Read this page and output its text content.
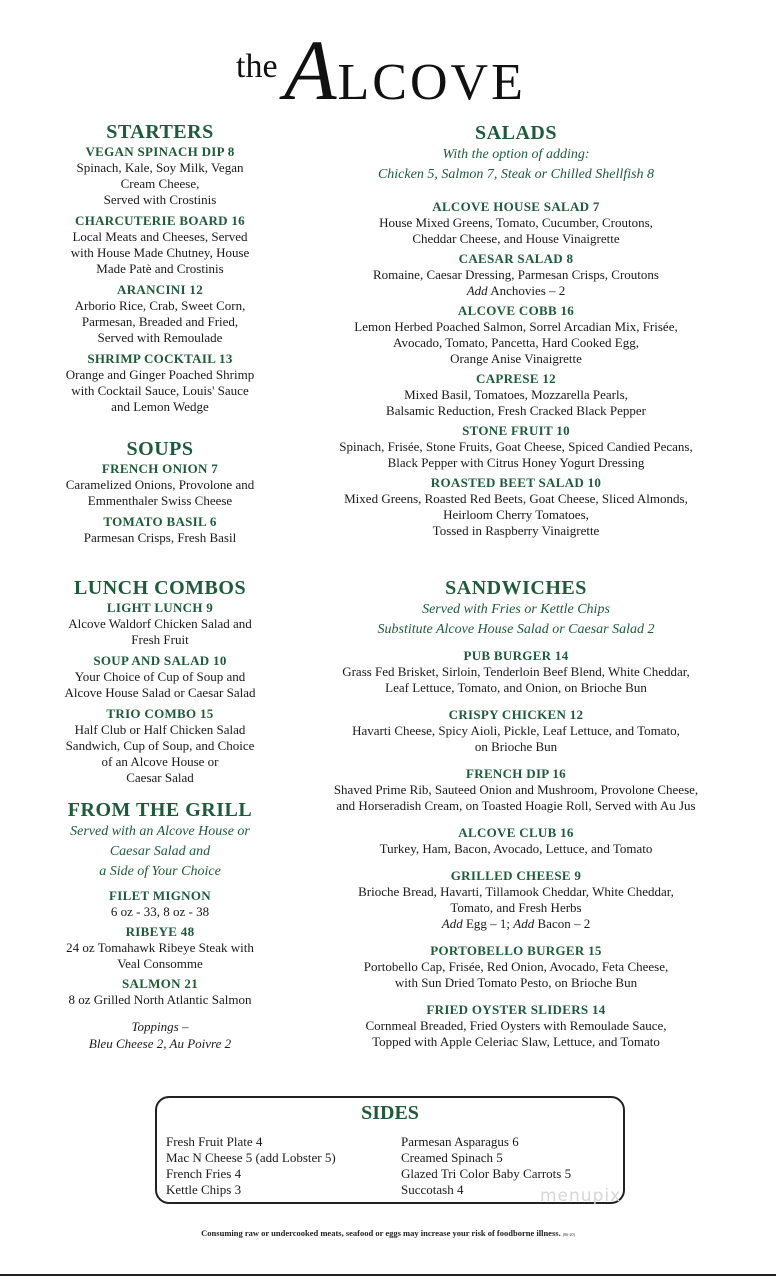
the ALCOVE
STARTERS

VEGAN SPINACH DIP 8

Spinach, Kale, Soy Milk, Vegan

Cream Cheese,

Served with Crostinis

CHARCUTERIE BOARD 16

Local Meats and Cheeses, Served

with House Made Chutney, House

Made Patè and Crostinis

ARANCINI 12

Arborio Rice, Crab, Sweet Corn,

Parmesan, Breaded and Fried,

Served with Remoulade

SHRIMP COCKTAIL 13

Orange and Ginger Poached Shrimp

with Cocktail Sauce, Louis' Sauce

and Lemon Wedge

SOUPS

FRENCH ONION 7

Caramelized Onions, Provolone and

Emmenthaler Swiss Cheese

TOMATO BASIL 6

Parmesan Crisps, Fresh Basil

LUNCH COMBOS

LIGHT LUNCH 9

Alcove Waldorf Chicken Salad and

Fresh Fruit

SOUP AND SALAD 10

Your Choice of Cup of Soup and

Alcove House Salad or Caesar Salad

TRIO COMBO 15

Half Club or Half Chicken Salad

Sandwich, Cup of Soup, and Choice

of an Alcove House or

Caesar Salad

FROM THE GRILL

Served with an Alcove House or

Caesar Salad and

a Side of Your Choice

FILET MIGNON

6 oz - 33, 8 oz - 38

RIBEYE 48

24 oz Tomahawk Ribeye Steak with

Veal Consomme

SALMON 21

8 oz Grilled North Atlantic Salmon

Toppings –

Bleu Cheese 2, Au Poivre 2

SALADS

With the option of adding:

Chicken 5, Salmon 7, Steak or Chilled Shellfish 8

ALCOVE HOUSE SALAD 7

House Mixed Greens, Tomato, Cucumber, Croutons,

Cheddar Cheese, and House Vinaigrette

CAESAR SALAD 8

Romaine, Caesar Dressing, Parmesan Crisps, Croutons

Add Anchovies – 2

ALCOVE COBB 16

Lemon Herbed Poached Salmon, Sorrel Arcadian Mix, Frisée,

Avocado, Tomato, Pancetta, Hard Cooked Egg,

Orange Anise Vinaigrette

CAPRESE 12

Mixed Basil, Tomatoes, Mozzarella Pearls,

Balsamic Reduction, Fresh Cracked Black Pepper

STONE FRUIT 10

Spinach, Frisée, Stone Fruits, Goat Cheese, Spiced Candied Pecans,

Black Pepper with Citrus Honey Yogurt Dressing

ROASTED BEET SALAD 10

Mixed Greens, Roasted Red Beets, Goat Cheese, Sliced Almonds,

Heirloom Cherry Tomatoes,

Tossed in Raspberry Vinaigrette

SANDWICHES

Served with Fries or Kettle Chips

Substitute Alcove House Salad or Caesar Salad 2

PUB BURGER 14

Grass Fed Brisket, Sirloin, Tenderloin Beef Blend, White Cheddar,

Leaf Lettuce, Tomato, and Onion, on Brioche Bun

CRISPY CHICKEN 12

Havarti Cheese, Spicy Aioli, Pickle, Leaf Lettuce, and Tomato,

on Brioche Bun

FRENCH DIP 16

Shaved Prime Rib, Sauteed Onion and Mushroom, Provolone Cheese,

and Horseradish Cream, on Toasted Hoagie Roll, Served with Au Jus

ALCOVE CLUB 16

Turkey, Ham, Bacon, Avocado, Lettuce, and Tomato

GRILLED CHEESE 9

Brioche Bread, Havarti, Tillamook Cheddar, White Cheddar,

Tomato, and Fresh Herbs

Add Egg – 1; Add Bacon – 2

PORTOBELLO BURGER 15

Portobello Cap, Frisée, Red Onion, Avocado, Feta Cheese,

with Sun Dried Tomato Pesto, on Brioche Bun

FRIED OYSTER SLIDERS 14

Cornmeal Breaded, Fried Oysters with Remoulade Sauce,

Topped with Apple Celeriac Slaw, Lettuce, and Tomato

SIDES
Fresh Fruit Plate 4
Mac N Cheese 5 (add Lobster 5)
French Fries 4
Kettle Chips 3
Parmesan Asparagus 6
Creamed Spinach 5
Glazed Tri Color Baby Carrots 5
Succotash 4	menupix
Consuming raw or undercooked meats, seafood or eggs may increase your risk of foodborne illness. (06-20)
